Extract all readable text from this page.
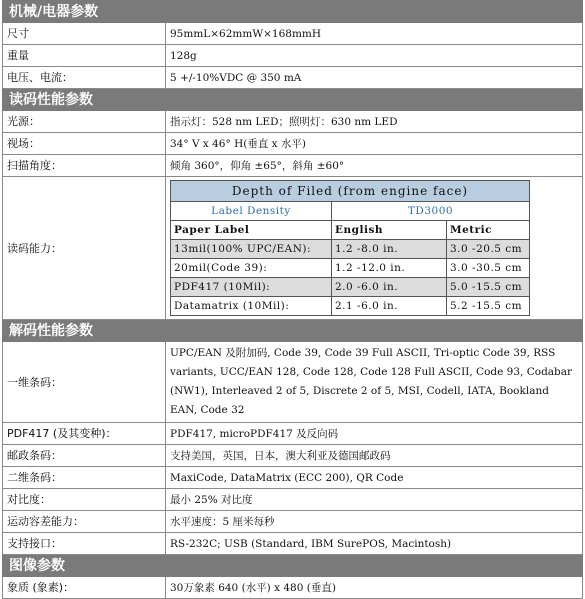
机械/电器参数
尺寸	95mmL×62mmW×168mmH
重量	128g
电压、电流：	5 +/-10%VDC @ 350 mA
读码性能参数
光源：	指示灯：528 nm LED；照明灯：630 nm LED
视场：	34° V x 46° H(垂直 x 水平)
扫描角度：	倾角 360°，仰角 ±65°，斜角 ±60°
读码能力：	
Depth of Filed (from engine face)
Label Density	TD3000
Paper Label	English	Metric
13mil(100% UPC/EAN):	1.2 -8.0 in.	3.0 -20.5 cm
20mil(Code 39):	1.2 -12.0 in.	3.0 -30.5 cm
PDF417 (10Mil):	2.0 -6.0 in.	5.0 -15.5 cm
Datamatrix (10Mil):	2.1 -6.0 in.	5.2 -15.5 cm

解码性能参数
一维条码：	UPC/EAN 及附加码, Code 39, Code 39 Full ASCII, Tri-optic Code 39, RSS variants, UCC/EAN 128, Code 128, Code 128 Full ASCII, Code 93, Codabar (NW1), Interleaved 2 of 5, Discrete 2 of 5, MSI, Codell, IATA, Bookland EAN, Code 32
PDF417 (及其变种)：	PDF417, microPDF417 及反向码
邮政条码：	支持美国，英国，日本，澳大利亚及德国邮政码
二维条码：	MaxiCode, DataMatrix (ECC 200), QR Code
对比度：	最小 25% 对比度
运动容差能力：	水平速度：5 厘米每秒
支持接口：	RS-232C; USB (Standard, IBM SurePOS, Macintosh)
图像参数
象质 (象素)：	30万象素 640 (水平) x 480 (垂直)
